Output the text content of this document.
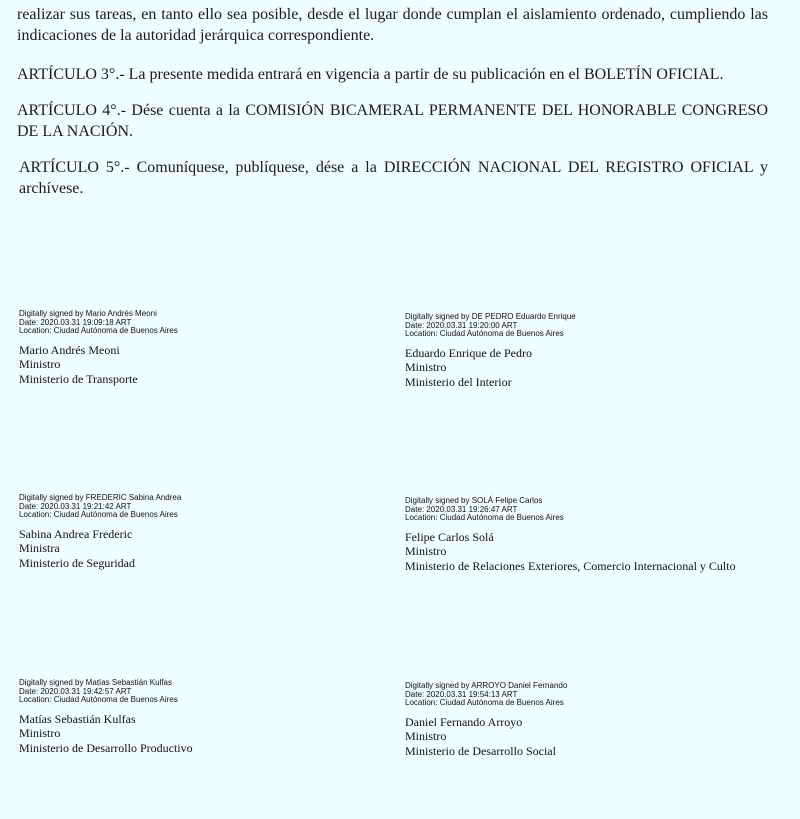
realizar sus tareas, en tanto ello sea posible, desde el lugar donde cumplan el aislamiento ordenado, cumpliendo las indicaciones de la autoridad jerárquica correspondiente.

ARTÍCULO 3°.- La presente medida entrará en vigencia a partir de su publicación en el BOLETÍN OFICIAL.

ARTÍCULO 4°.- Dése cuenta a la COMISIÓN BICAMERAL PERMANENTE DEL HONORABLE CONGRESO DE LA NACIÓN.

ARTÍCULO 5°.- Comuníquese, publíquese, dése a la DIRECCIÓN NACIONAL DEL REGISTRO OFICIAL y archívese.

Digitally signed by Mario Andrés Meoni
Date: 2020.03.31 19:09:18 ART
Location: Ciudad Autónoma de Buenos Aires
Mario Andrés Meoni
Ministro
Ministerio de Transporte
Digitally signed by DE PEDRO Eduardo Enrique
Date: 2020.03.31 19:20:00 ART
Location: Ciudad Autónoma de Buenos Aires
Eduardo Enrique de Pedro
Ministro
Ministerio del Interior
Digitally signed by FREDERIC Sabina Andrea
Date: 2020.03.31 19:21:42 ART
Location: Ciudad Autónoma de Buenos Aires
Sabina Andrea Frederic
Ministra
Ministerio de Seguridad
Digitally signed by SOLÁ Felipe Carlos
Date: 2020.03.31 19:26:47 ART
Location: Ciudad Autónoma de Buenos Aires
Felipe Carlos Solá
Ministro
Ministerio de Relaciones Exteriores, Comercio Internacional y Culto
Digitally signed by Matías Sebastián Kulfas
Date: 2020.03.31 19:42:57 ART
Location: Ciudad Autónoma de Buenos Aires
Matías Sebastián Kulfas
Ministro
Ministerio de Desarrollo Productivo
Digitally signed by ARROYO Daniel Fernando
Date: 2020.03.31 19:54:13 ART
Location: Ciudad Autónoma de Buenos Aires
Daniel Fernando Arroyo
Ministro
Ministerio de Desarrollo Social
